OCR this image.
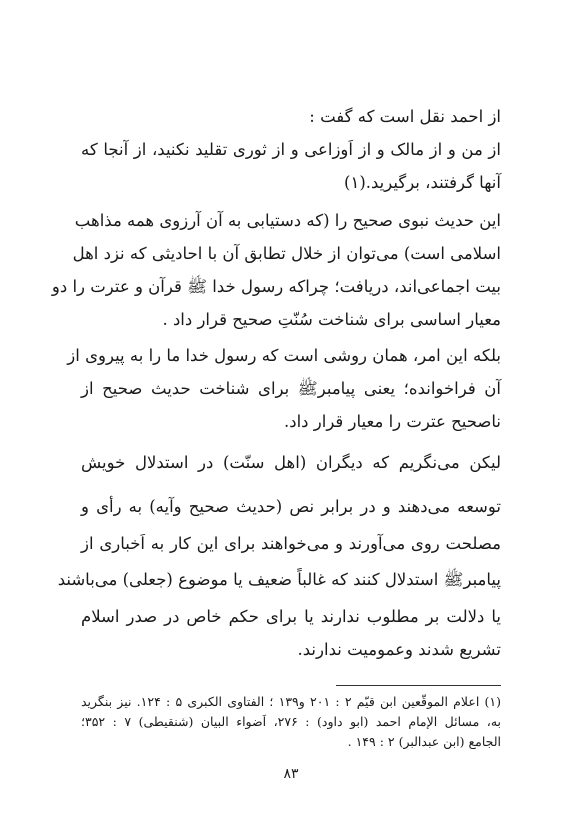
از احمد نقل است که گفت :
از من و از مالک و از اَوزاعی و از ثوری تقلید نکنید، از آنجا که
آنها گرفتند، برگیرید.(۱)
این حدیث نبوی صحیح را (که دستیابی به آن آرزوی همه مذاهب
اسلامی است) می‌توان از خلال تطابق آن با احادیثی که نزد اهل
بیت اجماعی‌اند، دریافت؛ چراکه رسول خدا ﷺ قرآن و عترت را دو
معیار اساسی برای شناخت سُنّتِ صحیح قرار داد .
بلکه این امر، همان روشی است که رسول خدا ما را به پیروی از
آن فراخوانده؛ یعنی پیامبرﷺ برای شناخت حدیث صحیح از
ناصحیح عترت را معیار قرار داد.
لیکن می‌نگریم که دیگران (اهل سنّت) در استدلال خویش
توسعه می‌دهند و در برابر نص (حدیث صحیح وآیه) به رأی و
مصلحت روی می‌آورند و می‌خواهند برای این کار به اَخباری از
پیامبرﷺ استدلال کنند که غالباً ضعیف یا موضوع (جعلی) می‌باشند
یا دلالت بر مطلوب ندارند یا برای حکم خاص در صدر اسلام
تشریع شدند وعمومیت ندارند.
(۱) اعلام الموقّعین ابن قیّم ۲ : ۲۰۱ و۱۳۹ ؛ الفتاوی الکبری ۵ : ۱۲۴. نیز بنگرید
به، مسائل الإمام احمد (ابو داود) : ۲۷۶، اَضواء البیان (شنقیطی) ۷ : ۳۵۲؛
الجامع (ابن عبدالبر) ۲ : ۱۴۹ .
۸۳
